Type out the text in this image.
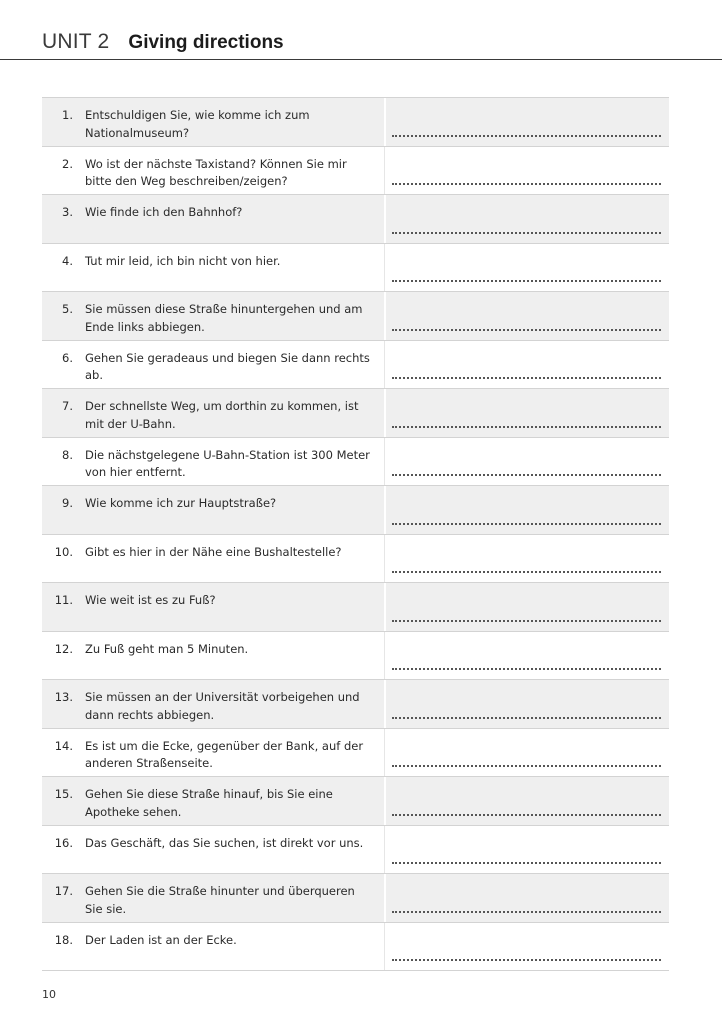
UNIT 2 Giving directions
1.	Entschuldigen Sie, wie komme ich zum Nationalmuseum?
2.	Wo ist der nächste Taxistand? Können Sie mir bitte den Weg beschreiben/zeigen?
3.	Wie finde ich den Bahnhof?
4.	Tut mir leid, ich bin nicht von hier.
5.	Sie müssen diese Straße hinuntergehen und am Ende links abbiegen.
6.	Gehen Sie geradeaus und biegen Sie dann rechts ab.
7.	Der schnellste Weg, um dorthin zu kommen, ist mit der U-Bahn.
8.	Die nächstgelegene U-Bahn-Station ist 300 Meter von hier entfernt.
9.	Wie komme ich zur Hauptstraße?
10.	Gibt es hier in der Nähe eine Bushaltestelle?
11.	Wie weit ist es zu Fuß?
12.	Zu Fuß geht man 5 Minuten.
13.	Sie müssen an der Universität vorbeigehen und dann rechts abbiegen.
14.	Es ist um die Ecke, gegenüber der Bank, auf der anderen Straßenseite.
15.	Gehen Sie diese Straße hinauf, bis Sie eine Apotheke sehen.
16.	Das Geschäft, das Sie suchen, ist direkt vor uns.
17.	Gehen Sie die Straße hinunter und überqueren Sie sie.
18.	Der Laden ist an der Ecke.
10
